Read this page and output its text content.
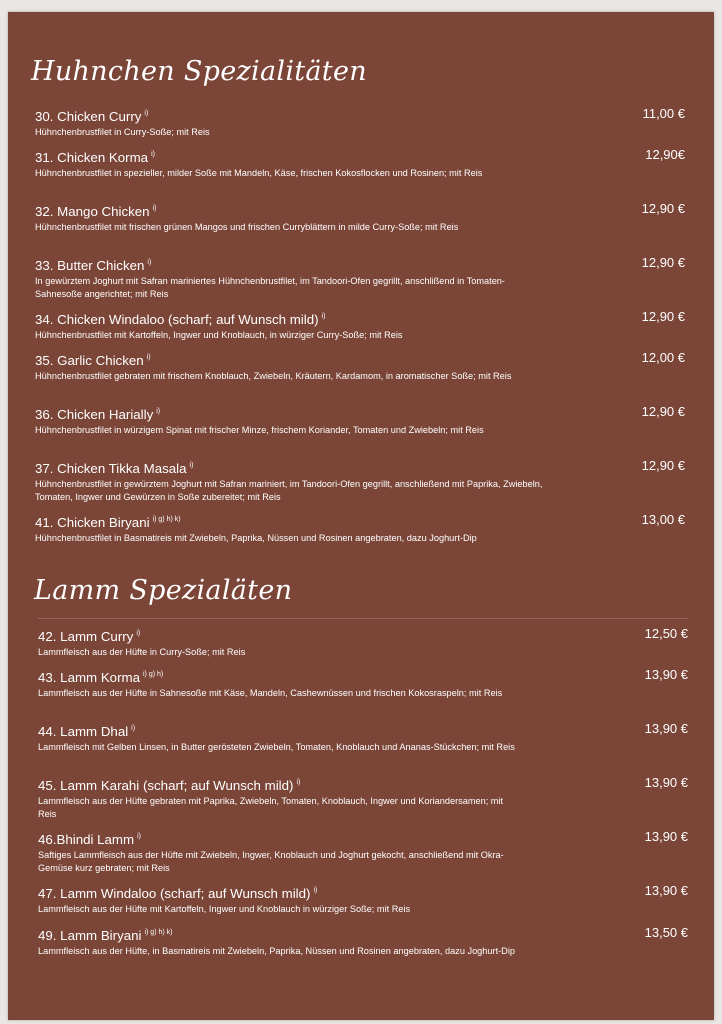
Huhnchen Spezialitäten
30. Chicken Curry $^{i)}$
Hühnchenbrustfilet in Curry-Soße; mit Reis
11,00 €
31. Chicken Korma $^{i)}$
Hühnchenbrustfilet in spezieller, milder Soße mit Mandeln, Käse, frischen Kokosflocken und Rosinen; mit Reis
12,90€
32. Mango Chicken $^{i)}$
Hühnchenbrustfilet mit frischen grünen Mangos und frischen Curryblättern in milde Curry-Soße; mit Reis
12,90 €
33. Butter Chicken $^{i)}$
In gewürztem Joghurt mit Safran mariniertes Hühnchenbrustfilet, im Tandoori-Ofen gegrillt, anschlißend in Tomaten-Sahnesoße angerichtet; mit Reis
12,90 €
34. Chicken Windaloo (scharf; auf Wunsch mild) $^{i)}$
Hühnchenbrustfilet mit Kartoffeln, Ingwer und Knoblauch, in würziger Curry-Soße; mit Reis
12,90 €
35. Garlic Chicken $^{i)}$
Hühnchenbrustfilet gebraten mit frischem Knoblauch, Zwiebeln, Kräutern, Kardamom, in aromatischer Soße; mit Reis
12,00 €
36. Chicken Harially $^{i)}$
Hühnchenbrustfilet in würzigem Spinat mit frischer Minze, frischem Koriander, Tomaten und Zwiebeln; mit Reis
12,90 €
37. Chicken Tikka Masala $^{i)}$
Hühnchenbrustfilet in gewürztem Joghurt mit Safran mariniert, im Tandoori-Ofen gegrillt, anschließend mit Paprika, Zwiebeln, Tomaten, Ingwer und Gewürzen in Soße zubereitet; mit Reis
12,90 €
41. Chicken Biryani $^{i) g) h) k)}$
Hühnchenbrustfilet in Basmatireis mit Zwiebeln, Paprika, Nüssen und Rosinen angebraten, dazu Joghurt-Dip
13,00 €
Lamm Spezialäten
42. Lamm Curry $^{i)}$
Lammfleisch aus der Hüfte in Curry-Soße; mit Reis
12,50 €
43. Lamm Korma $^{i) g) h)}$
Lammfleisch aus der Hüfte in Sahnesoße mit Käse, Mandeln, Cashewnüssen und frischen Kokosraspeln; mit Reis
13,90 €
44. Lamm Dhal $^{i)}$
Lammfleisch mit Gelben Linsen, in Butter gerösteten Zwiebeln, Tomaten, Knoblauch und Ananas-Stückchen; mit Reis
13,90 €
45. Lamm Karahi (scharf; auf Wunsch mild) $^{i)}$
Lammfleisch aus der Hüfte gebraten mit Paprika, Zwiebeln, Tomaten, Knoblauch, Ingwer und Koriandersamen; mit Reis
13,90 €
46.Bhindi Lamm $^{i)}$
Saftiges Lammfleisch aus der Hüfte mit Zwiebeln, Ingwer, Knoblauch und Joghurt gekocht, anschließend mit Okra-Gemüse kurz gebraten; mit Reis
13,90 €
47. Lamm Windaloo (scharf; auf Wunsch mild) $^{i)}$
Lammfleisch aus der Hüfte mit Kartoffeln, Ingwer und Knoblauch in würziger Soße; mit Reis
13,90 €
49. Lamm Biryani $^{i) g) h) k)}$
Lammfleisch aus der Hüfte, in Basmatireis mit Zwiebeln, Paprika, Nüssen und Rosinen angebraten, dazu Joghurt-Dip
13,50 €
